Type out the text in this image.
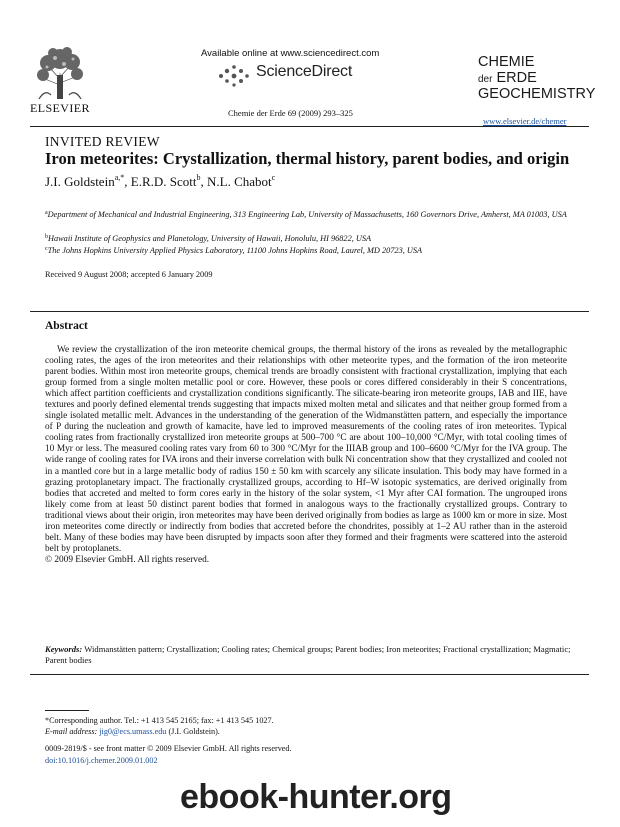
ELSEVIER
Available online at www.sciencedirect.com
ScienceDirect
Chemie der Erde 69 (2009) 293–325
CHEMIE
der ERDE
GEOCHEMISTRY
www.elsevier.de/chemer
INVITED REVIEW
Iron meteorites: Crystallization, thermal history, parent bodies, and origin
J.I. Goldstein$^{a,*}$, E.R.D. Scott$^b$, N.L. Chabot$^c$
$^a$Department of Mechanical and Industrial Engineering, 313 Engineering Lab, University of Massachusetts, 160 Governors Drive, Amherst, MA 01003, USA
$^b$Hawaii Institute of Geophysics and Planetology, University of Hawaii, Honolulu, HI 96822, USA
$^c$The Johns Hopkins University Applied Physics Laboratory, 11100 Johns Hopkins Road, Laurel, MD 20723, USA
Received 9 August 2008; accepted 6 January 2009
Abstract
We review the crystallization of the iron meteorite chemical groups, the thermal history of the irons as revealed by the metallographic cooling rates, the ages of the iron meteorites and their relationships with other meteorite types, and the formation of the iron meteorite parent bodies. Within most iron meteorite groups, chemical trends are broadly consistent with fractional crystallization, implying that each group formed from a single molten metallic pool or core. However, these pools or cores differed considerably in their S concentrations, which affect partition coefficients and crystallization conditions significantly. The silicate-bearing iron meteorite groups, IAB and IIE, have textures and poorly defined elemental trends suggesting that impacts mixed molten metal and silicates and that neither group formed from a single isolated metallic melt. Advances in the understanding of the generation of the Widmanstätten pattern, and especially the importance of P during the nucleation and growth of kamacite, have led to improved measurements of the cooling rates of iron meteorites. Typical cooling rates from fractionally crystallized iron meteorite groups at 500–700 °C are about 100–10,000 °C/Myr, with total cooling times of 10 Myr or less. The measured cooling rates vary from 60 to 300 °C/Myr for the IIIAB group and 100–6600 °C/Myr for the IVA group. The wide range of cooling rates for IVA irons and their inverse correlation with bulk Ni concentration show that they crystallized and cooled not in a mantled core but in a large metallic body of radius 150 ± 50 km with scarcely any silicate insulation. This body may have formed in a grazing protoplanetary impact. The fractionally crystallized groups, according to Hf–W isotopic systematics, are derived originally from bodies that accreted and melted to form cores early in the history of the solar system, <1 Myr after CAI formation. The ungrouped irons likely come from at least 50 distinct parent bodies that formed in analogous ways to the fractionally crystallized groups. Contrary to traditional views about their origin, iron meteorites may have been derived originally from bodies as large as 1000 km or more in size. Most iron meteorites come directly or indirectly from bodies that accreted before the chondrites, possibly at 1–2 AU rather than in the asteroid belt. Many of these bodies may have been disrupted by impacts soon after they formed and their fragments were scattered into the asteroid belt by protoplanets.
© 2009 Elsevier GmbH. All rights reserved.
Keywords: Widmanstätten pattern; Crystallization; Cooling rates; Chemical groups; Parent bodies; Iron meteorites; Fractional crystallization; Magmatic; Parent bodies
*Corresponding author. Tel.: +1 413 545 2165; fax: +1 413 545 1027.
E-mail address: jig0@ecs.umass.edu (J.I. Goldstein).
0009-2819/$ - see front matter © 2009 Elsevier GmbH. All rights reserved.
doi:10.1016/j.chemer.2009.01.002
ebook-hunter.org
